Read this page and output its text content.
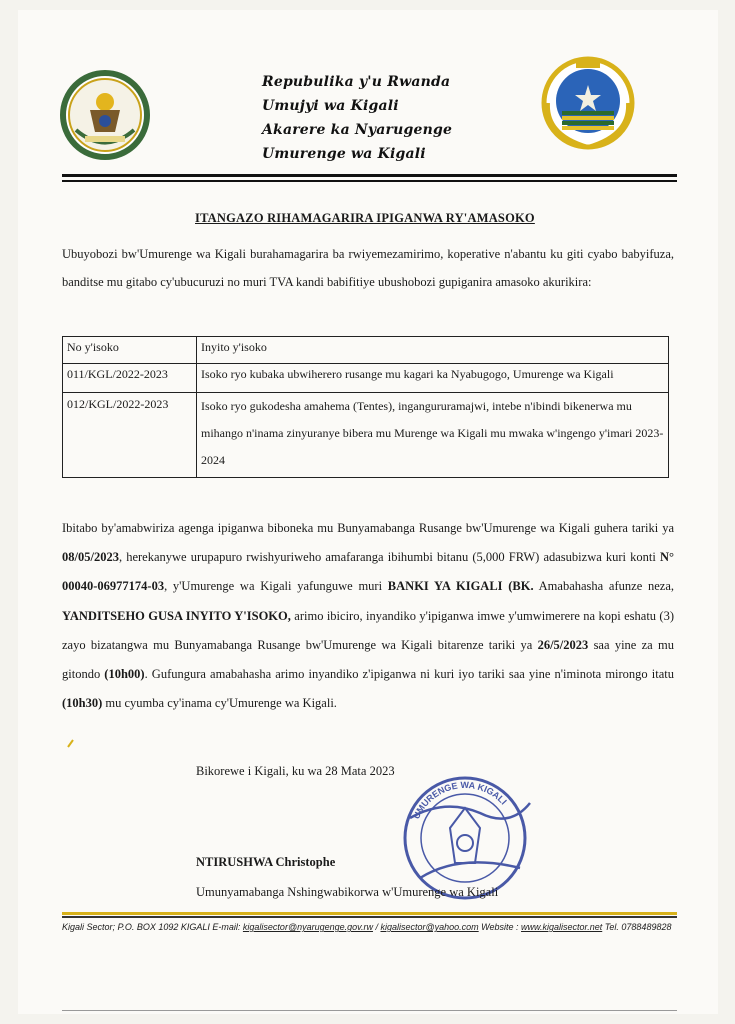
Repubulika y'u Rwanda
Umujyi wa Kigali
Akarere ka Nyarugenge
Umurenge wa Kigali
ITANGAZO RIHAMAGARIRA IPIGANWA RY'AMASOKO
Ubuyobozi bw'Umurenge wa Kigali burahamagarira ba rwiyemezamirimo, koperative n'abantu ku giti cyabo babyifuza, banditse mu gitabo cy'ubucuruzi no muri TVA kandi babifitiye ubushobozi gupiganira amasoko akurikira:
No y'isoko	Inyito y'isoko
011/KGL/2022-2023	Isoko ryo kubaka ubwiherero rusange mu kagari ka Nyabugogo, Umurenge wa Kigali
012/KGL/2022-2023	Isoko ryo gukodesha amahema (Tentes), ingangururamajwi, intebe n'ibindi bikenerwa mu mihango n'inama zinyuranye bibera mu Murenge wa Kigali mu mwaka w'ingengo y'imari 2023-2024
Ibitabo by'amabwiriza agenga ipiganwa biboneka mu Bunyamabanga Rusange bw'Umurenge wa Kigali guhera tariki ya 08/05/2023, herekanywe urupapuro rwishyuriweho amafaranga ibihumbi bitanu (5,000 FRW) adasubizwa kuri konti N° 00040-06977174-03, y'Umurenge wa Kigali yafunguwe muri BANKI YA KIGALI (BK. Amabahasha afunze neza, YANDITSEHO GUSA INYITO Y'ISOKO, arimo ibiciro, inyandiko y'ipiganwa imwe y'umwimerere na kopi eshatu (3) zayo bizatangwa mu Bunyamabanga Rusange bw'Umurenge wa Kigali bitarenze tariki ya 26/5/2023 saa yine za mu gitondo (10h00). Gufungura amabahasha arimo inyandiko z'ipiganwa ni kuri iyo tariki saa yine n'iminota mirongo itatu (10h30) mu cyumba cy'inama cy'Umurenge wa Kigali.
Bikorewe i Kigali, ku wa 28 Mata 2023
UMURENGE WA KIGALI
NTIRUSHWA Christophe
Umunyamabanga Nshingwabikorwa w'Umurenge wa Kigali
Kigali Sector; P.O. BOX 1092 KIGALI E-mail: kigalisector@nyarugenge.gov.rw / kigalisector@yahoo.com Website : www.kigalisector.net Tel. 0788489828
